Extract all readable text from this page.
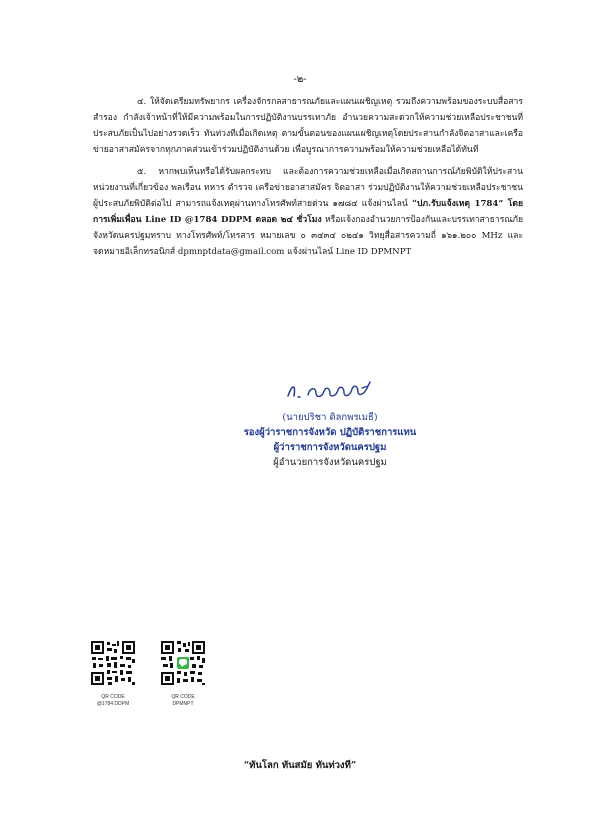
-๒-

๔. ให้จัดเตรียมทรัพยากร เครื่องจักรกลสาธารณภัยและแผนเผชิญเหตุ รวมถึงความพร้อมของระบบสื่อสารสำรอง กำลังเจ้าหน้าที่ให้มีความพร้อมในการปฏิบัติงานบรรเทาภัย อำนวยความสะดวกให้ความช่วยเหลือประชาชนที่ประสบภัยเป็นไปอย่างรวดเร็ว ทันท่วงทีเมื่อเกิดเหตุ ตามขั้นตอนของแผนเผชิญเหตุโดยประสานกำลังจิตอาสาและเครือข่ายอาสาสมัครจากทุกภาคส่วนเข้าร่วมปฏิบัติงานด้วย เพื่อบูรณาการความพร้อมให้ความช่วยเหลือได้ทันที

๕. หากพบเห็นหรือได้รับผลกระทบ และต้องการความช่วยเหลือเมื่อเกิดสถานการณ์ภัยพิบัติให้ประสานหน่วยงานที่เกี่ยวข้อง พลเรือน ทหาร ตำรวจ เครือข่ายอาสาสมัคร จิตอาสา ร่วมปฏิบัติงานให้ความช่วยเหลือประชาชนผู้ประสบภัยพิบัติต่อไป สามารถแจ้งเหตุผ่านทางโทรศัพท์สายด่วน ๑๗๘๔ แจ้งผ่านไลน์ “ปภ.รับแจ้งเหตุ 1784” โดยการเพิ่มเพื่อน Line ID @1784 DDPM ตลอด ๒๔ ชั่วโมง หรือแจ้งกองอำนวยการป้องกันและบรรเทาสาธารณภัยจังหวัดนครปฐมทราบ ทางโทรศัพท์/โทรสาร หมายเลข ๐ ๓๔๓๔ ๐๒๔๑ วิทยุสื่อสารความถี่ ๑๖๑.๒๐๐ MHz และจดหมายอิเล็กทรอนิกส์ dpmnptdata@gmail.com แจ้งผ่านไลน์ Line ID DPMNPT

(นายปริชา ดิลกพรเมธี)
รองผู้ว่าราชการจังหวัด ปฏิบัติราชการแทน
ผู้ว่าราชการจังหวัดนครปฐม
ผู้อำนวยการจังหวัดนครปฐม
QR CODE
@1784 DDPM
QR CODE
DPMNPT
“ทันโลก ทันสมัย ทันท่วงที”
